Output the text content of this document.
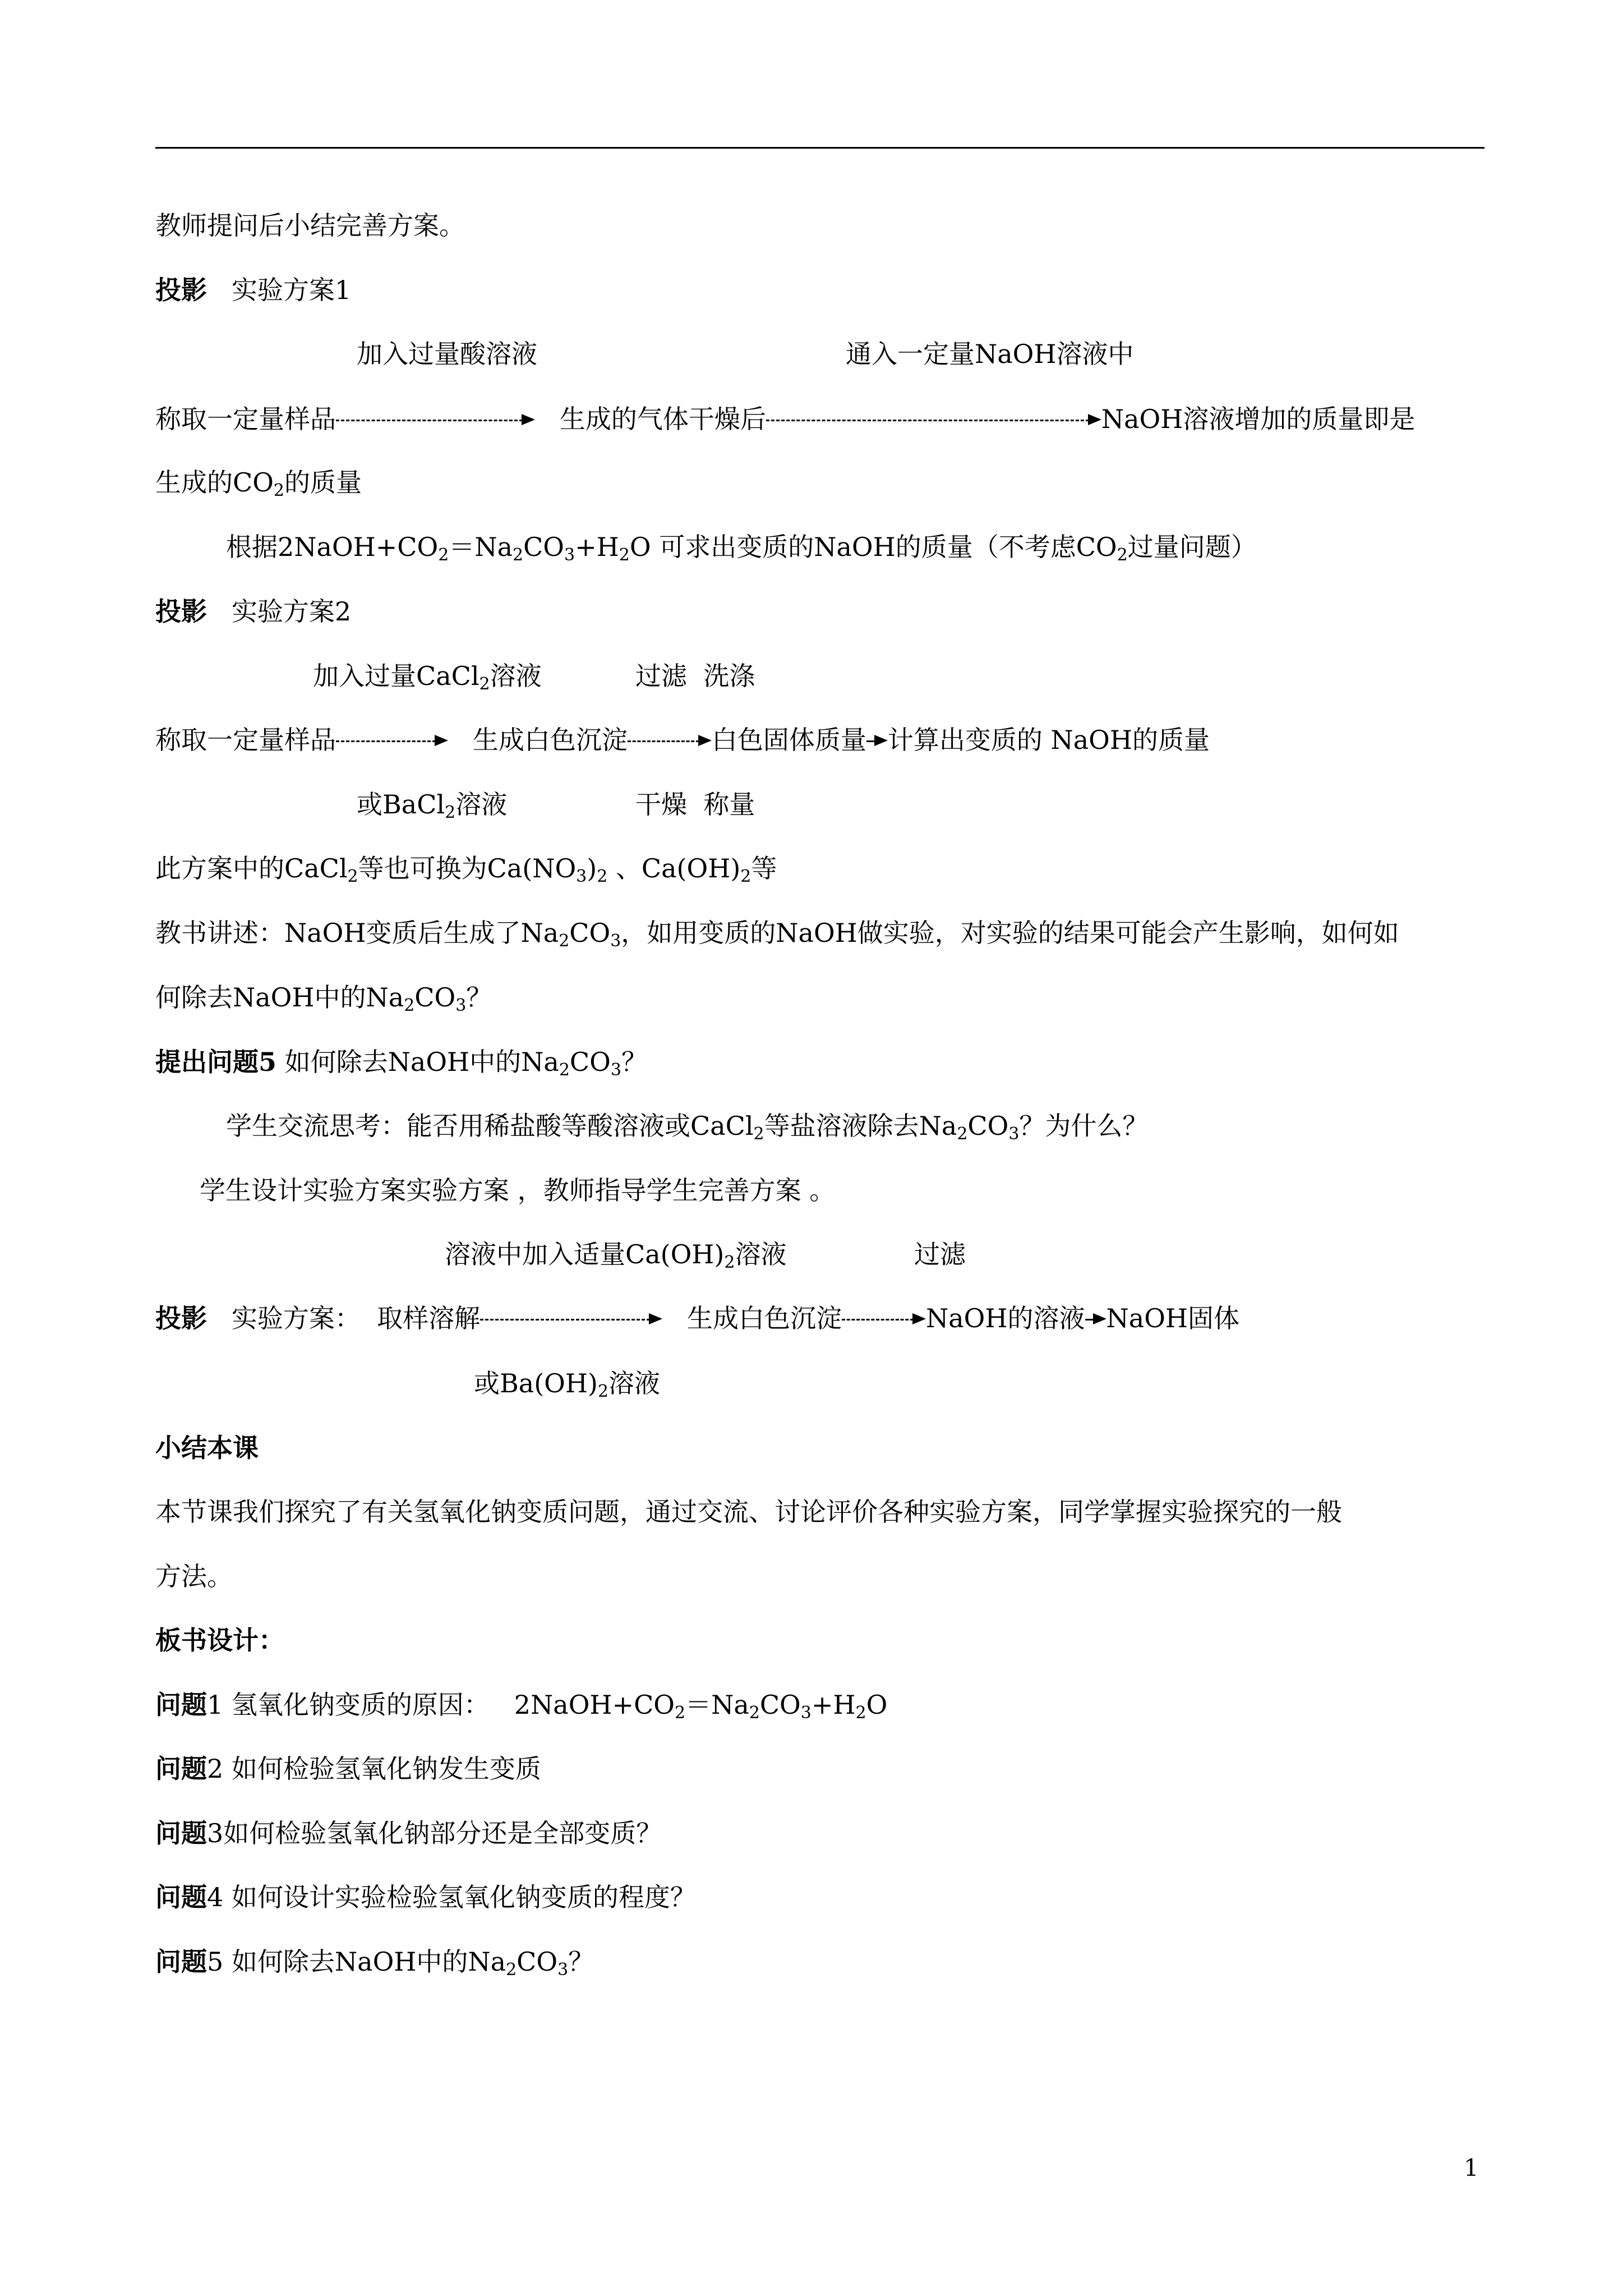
教师提问后小结完善方案。
投影 实验方案1
加入过量酸溶液	通入一定量NaOH溶液中
称取一定量样品	生成的气体干燥后	NaOH溶液增加的质量即是
生成的$CO_2$的质量
根据$2NaOH+CO_2=Na_2CO_3+H_2O$ 可求出变质的NaOH的质量（不考虑$CO_2$过量问题）
投影 实验方案2
加入过量CaCl$_2$溶液	过滤  洗涤
称取一定量样品	生成白色沉淀	白色固体质量 计算出变质的 NaOH的质量
或BaCl$_2$溶液	干燥  称量
此方案中的CaCl$_2$等也可换为$Ca(NO_3)_2$ 、$Ca(OH)_2$等
教书讲述：NaOH变质后生成了$Na_2CO_3$，如用变质的NaOH做实验，对实验的结果可能会产生影响，如何如
何除去NaOH中的$Na_2CO_3$？
提出问题5 如何除去NaOH中的$Na_2CO_3$？
学生交流思考：能否用稀盐酸等酸溶液或CaCl$_2$等盐溶液除去$Na_2CO_3$？为什么？
学生设计实验方案实验方案 ，教师指导学生完善方案 。
溶液中加入适量$Ca(OH)_2$溶液	过滤
投影 实验方案：  取样溶解	生成白色沉淀	NaOH的溶液 NaOH固体
或$Ba(OH)_2$溶液
小结本课
本节课我们探究了有关氢氧化钠变质问题，通过交流、讨论评价各种实验方案，同学掌握实验探究的一般
方法。
板书设计：
问题1 氢氧化钠变质的原因：   $2NaOH+CO_2=Na_2CO_3+H_2O$
问题2 如何检验氢氧化钠发生变质
问题3如何检验氢氧化钠部分还是全部变质？
问题4 如何设计实验检验氢氧化钠变质的程度？
问题5 如何除去NaOH中的$Na_2CO_3$？
1
